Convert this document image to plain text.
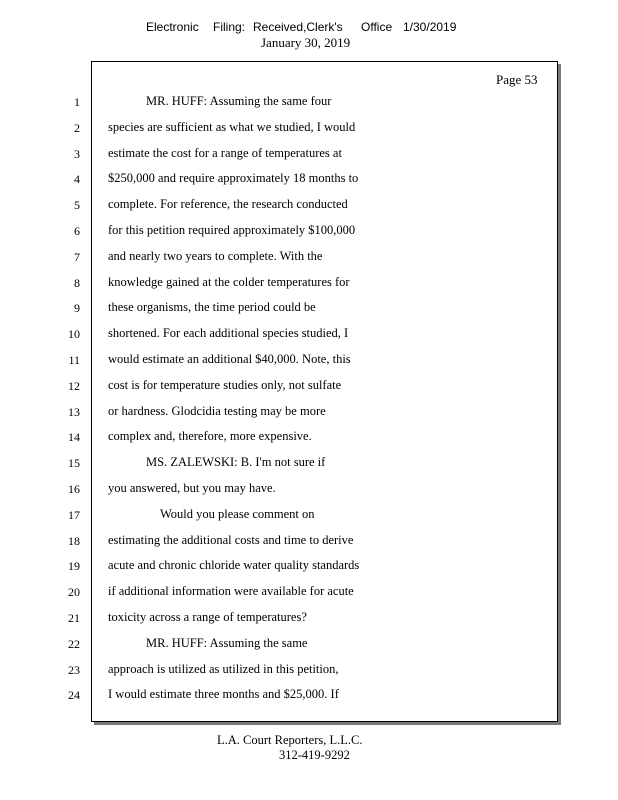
Electronic Filing: Received,Clerk's Office 1/30/2019
January 30, 2019
Page 53
1	MR. HUFF: Assuming the same four
2 species are sufficient as what we studied, I would
3 estimate the cost for a range of temperatures at
4 $250,000 and require approximately 18 months to
5 complete. For reference, the research conducted
6 for this petition required approximately $100,000
7 and nearly two years to complete. With the
8 knowledge gained at the colder temperatures for
9 these organisms, the time period could be
10 shortened. For each additional species studied, I
11 would estimate an additional $40,000. Note, this
12 cost is for temperature studies only, not sulfate
13 or hardness. Glodcidia testing may be more
14 complex and, therefore, more expensive.
15	MS. ZALEWSKI: B. I'm not sure if
16 you answered, but you may have.
17	Would you please comment on
18 estimating the additional costs and time to derive
19 acute and chronic chloride water quality standards
20 if additional information were available for acute
21 toxicity across a range of temperatures?
22	MR. HUFF: Assuming the same
23 approach is utilized as utilized in this petition,
24 I would estimate three months and $25,000. If
L.A. Court Reporters, L.L.C.
312-419-9292
